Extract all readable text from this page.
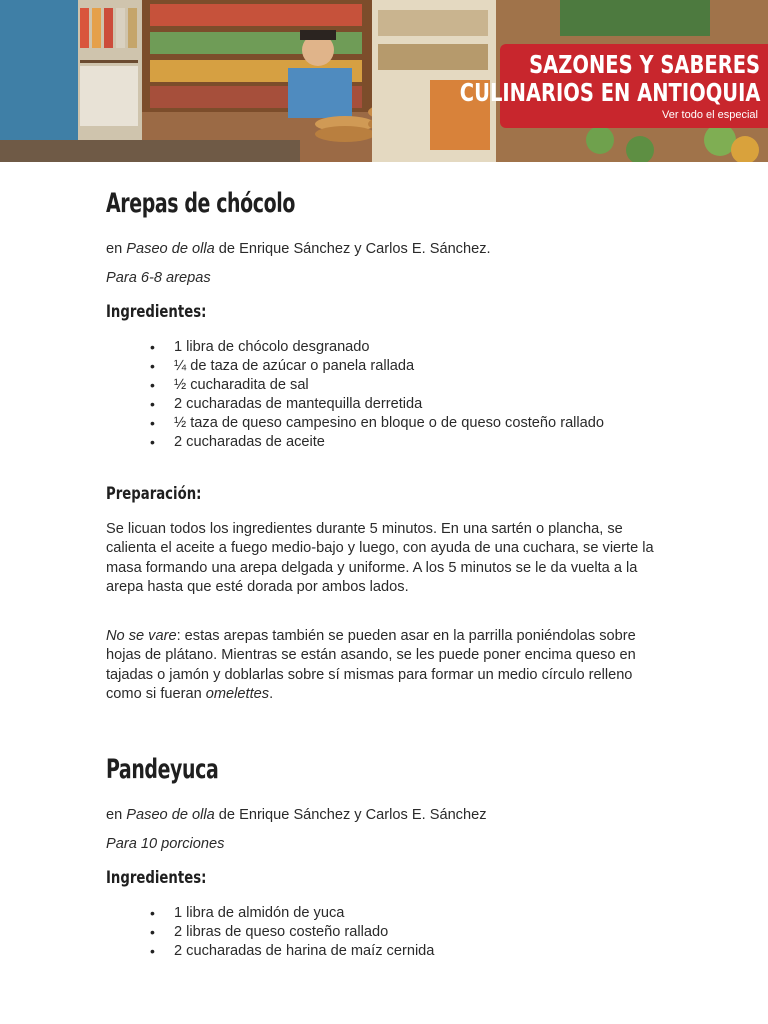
SAZONES Y SABERES
CULINARIOS EN ANTIOQUIA
Ver todo el especial
Arepas de chócolo

en Paseo de olla de Enrique Sánchez y Carlos E. Sánchez.

Para 6-8 arepas

Ingredientes:
• 1 libra de chócolo desgranado
• ¼ de taza de azúcar o panela rallada
• ½ cucharadita de sal
• 2 cucharadas de mantequilla derretida
• ½ taza de queso campesino en bloque o de queso costeño rallado
• 2 cucharadas de aceite
Preparación:

Se licuan todos los ingredientes durante 5 minutos. En una sartén o plancha, se calienta el aceite a fuego medio-bajo y luego, con ayuda de una cuchara, se vierte la masa formando una arepa delgada y uniforme. A los 5 minutos se le da vuelta a la arepa hasta que esté dorada por ambos lados.

No se vare: estas arepas también se pueden asar en la parrilla poniéndolas sobre hojas de plátano. Mientras se están asando, se les puede poner encima queso en tajadas o jamón y doblarlas sobre sí mismas para formar un medio círculo relleno como si fueran omelettes.

Pandeyuca

en Paseo de olla de Enrique Sánchez y Carlos E. Sánchez

Para 10 porciones

Ingredientes:
• 1 libra de almidón de yuca
• 2 libras de queso costeño rallado
• 2 cucharadas de harina de maíz cernida
